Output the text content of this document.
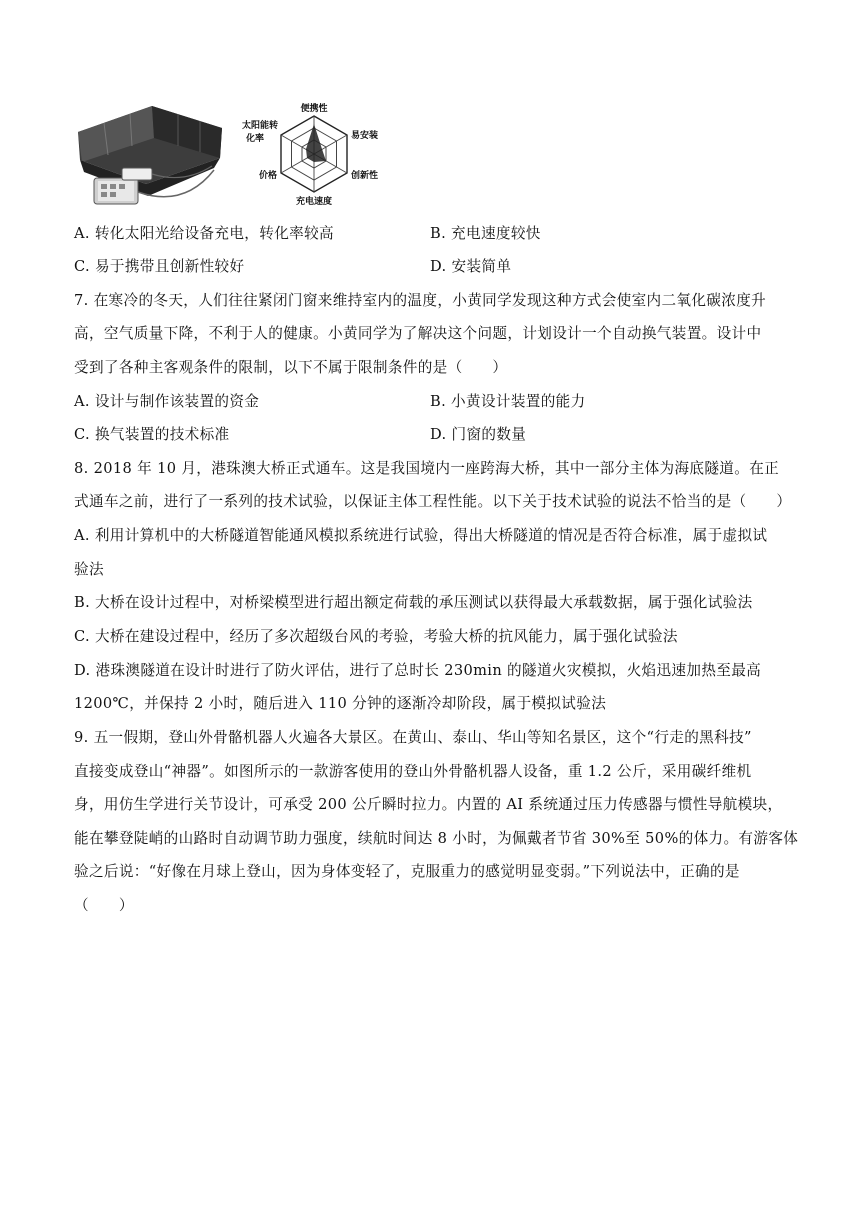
便携性
易安装
创新性
充电速度
价格
太阳能转
化率
A. 转化太阳光给设备充电，转化率较高	B. 充电速度较快
C. 易于携带且创新性较好	D. 安装简单
7. 在寒冷的冬天，人们往往紧闭门窗来维持室内的温度，小黄同学发现这种方式会使室内二氧化碳浓度升
高，空气质量下降，不利于人的健康。小黄同学为了解决这个问题，计划设计一个自动换气装置。设计中
受到了各种主客观条件的限制，以下不属于限制条件的是（　　）
A. 设计与制作该装置的资金	B. 小黄设计装置的能力
C. 换气装置的技术标准	D. 门窗的数量
8. 2018 年 10 月，港珠澳大桥正式通车。这是我国境内一座跨海大桥，其中一部分主体为海底隧道。在正
式通车之前，进行了一系列的技术试验，以保证主体工程性能。以下关于技术试验的说法不恰当的是（　　）
A. 利用计算机中的大桥隧道智能通风模拟系统进行试验，得出大桥隧道的情况是否符合标准，属于虚拟试
验法
B. 大桥在设计过程中，对桥梁模型进行超出额定荷载的承压测试以获得最大承载数据，属于强化试验法
C. 大桥在建设过程中，经历了多次超级台风的考验，考验大桥的抗风能力，属于强化试验法
D. 港珠澳隧道在设计时进行了防火评估，进行了总时长 230min 的隧道火灾模拟，火焰迅速加热至最高
1200℃，并保持 2 小时，随后进入 110 分钟的逐渐冷却阶段，属于模拟试验法
9. 五一假期，登山外骨骼机器人火遍各大景区。在黄山、泰山、华山等知名景区，这个“行走的黑科技”
直接变成登山“神器”。如图所示的一款游客使用的登山外骨骼机器人设备，重 1.2 公斤，采用碳纤维机
身，用仿生学进行关节设计，可承受 200 公斤瞬时拉力。内置的 AI 系统通过压力传感器与惯性导航模块，
能在攀登陡峭的山路时自动调节助力强度，续航时间达 8 小时，为佩戴者节省 30%至 50%的体力。有游客体
验之后说：“好像在月球上登山，因为身体变轻了，克服重力的感觉明显变弱。”下列说法中，正确的是
（　　）
